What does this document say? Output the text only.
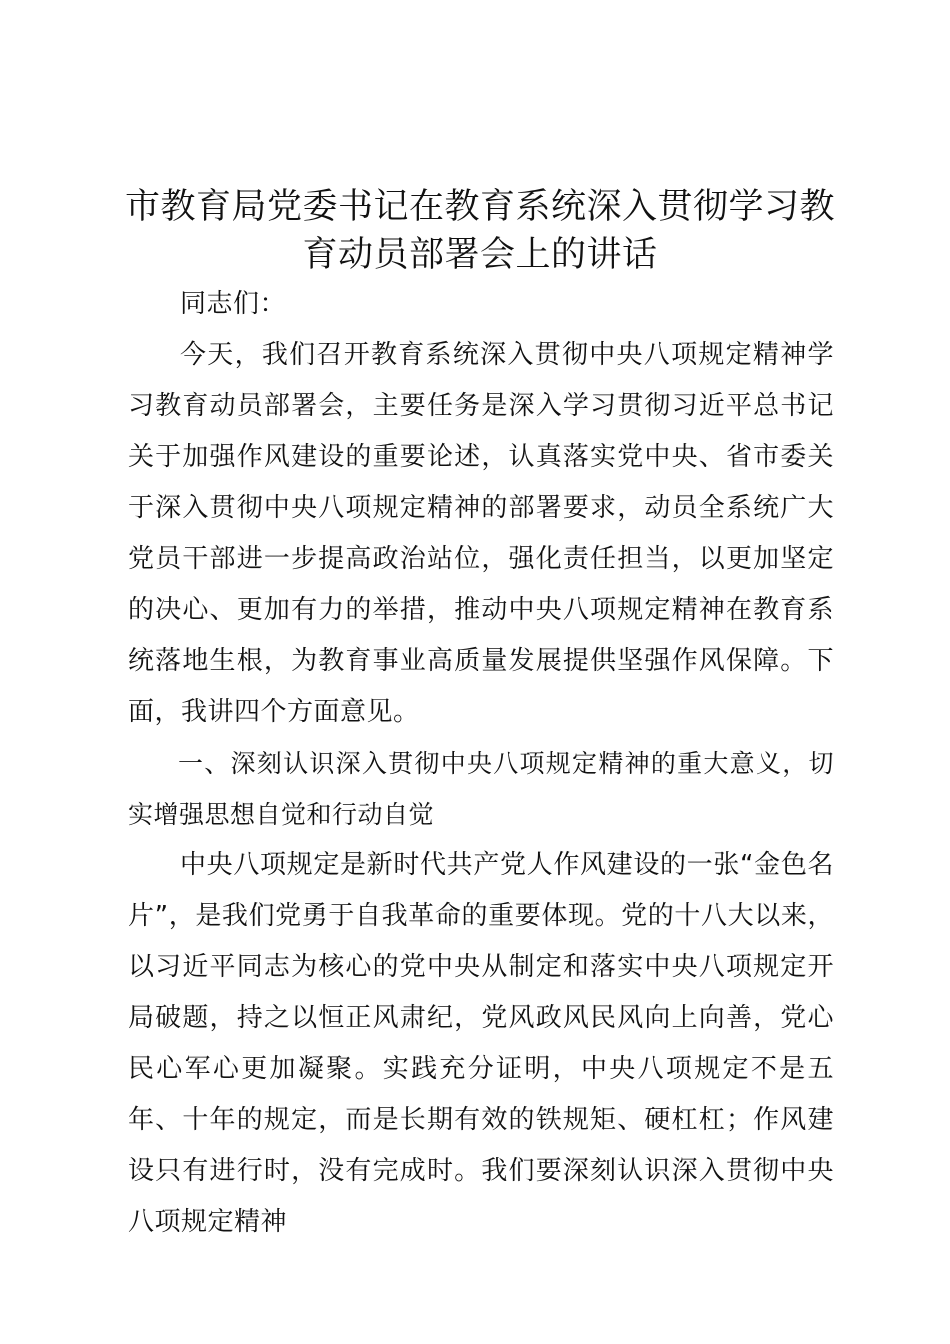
市教育局党委书记在教育系统深入贯彻学习教育动员部署会上的讲话

同志们：

今天，我们召开教育系统深入贯彻中央八项规定精神学习教育动员部署会，主要任务是深入学习贯彻习近平总书记关于加强作风建设的重要论述，认真落实党中央、省市委关于深入贯彻中央八项规定精神的部署要求，动员全系统广大党员干部进一步提高政治站位，强化责任担当，以更加坚定的决心、更加有力的举措，推动中央八项规定精神在教育系统落地生根，为教育事业高质量发展提供坚强作风保障。下面，我讲四个方面意见。

一、深刻认识深入贯彻中央八项规定精神的重大意义，切实增强思想自觉和行动自觉

中央八项规定是新时代共产党人作风建设的一张“金色名片”，是我们党勇于自我革命的重要体现。党的十八大以来，以习近平同志为核心的党中央从制定和落实中央八项规定开局破题，持之以恒正风肃纪，党风政风民风向上向善，党心民心军心更加凝聚。实践充分证明，中央八项规定不是五年、十年的规定，而是长期有效的铁规矩、硬杠杠；作风建设只有进行时，没有完成时。我们要深刻认识深入贯彻中央八项规定精神
